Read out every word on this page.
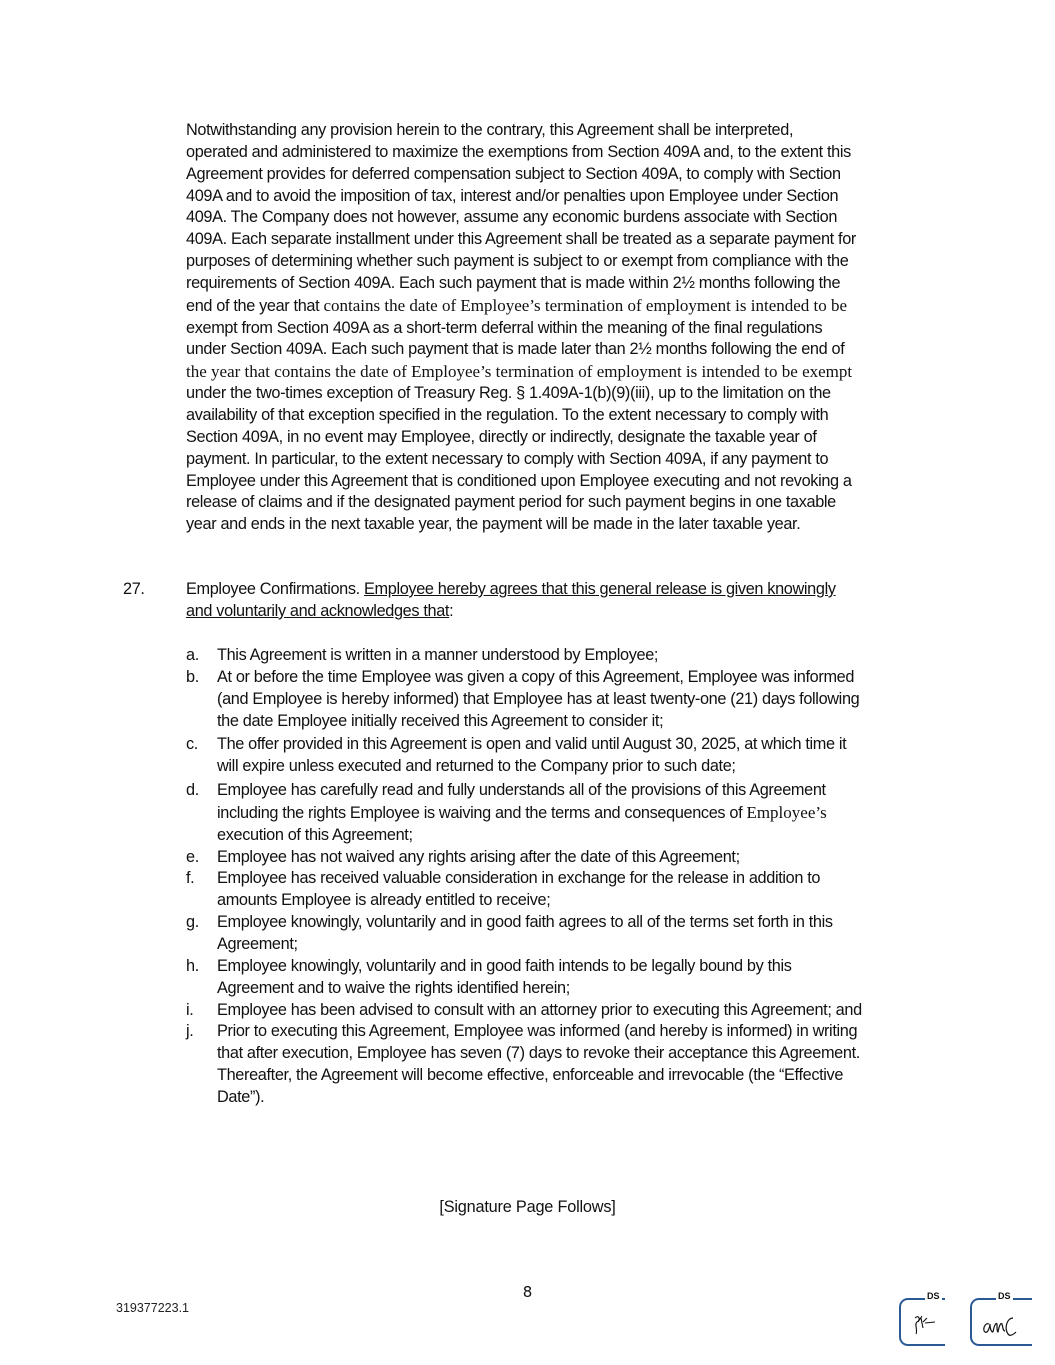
Notwithstanding any provision herein to the contrary, this Agreement shall be interpreted,
operated and administered to maximize the exemptions from Section 409A and, to the extent this
Agreement provides for deferred compensation subject to Section 409A, to comply with Section
409A and to avoid the imposition of tax, interest and/or penalties upon Employee under Section
409A. The Company does not however, assume any economic burdens associate with Section
409A. Each separate installment under this Agreement shall be treated as a separate payment for
purposes of determining whether such payment is subject to or exempt from compliance with the
requirements of Section 409A. Each such payment that is made within 2½ months following the
end of the year that contains the date of Employee’s termination of employment is intended to be
exempt from Section 409A as a short-term deferral within the meaning of the final regulations
under Section 409A. Each such payment that is made later than 2½ months following the end of
the year that contains the date of Employee’s termination of employment is intended to be exempt
under the two-times exception of Treasury Reg. § 1.409A-1(b)(9)(iii), up to the limitation on the
availability of that exception specified in the regulation. To the extent necessary to comply with
Section 409A, in no event may Employee, directly or indirectly, designate the taxable year of
payment. In particular, to the extent necessary to comply with Section 409A, if any payment to
Employee under this Agreement that is conditioned upon Employee executing and not revoking a
release of claims and if the designated payment period for such payment begins in one taxable
year and ends in the next taxable year, the payment will be made in the later taxable year.
27.	Employee Confirmations. Employee hereby agrees that this general release is given knowingly
and voluntarily and acknowledges that:
a. This Agreement is written in a manner understood by Employee;
b. At or before the time Employee was given a copy of this Agreement, Employee was informed
(and Employee is hereby informed) that Employee has at least twenty-one (21) days following
the date Employee initially received this Agreement to consider it;
c. The offer provided in this Agreement is open and valid until August 30, 2025, at which time it
will expire unless executed and returned to the Company prior to such date;
d. Employee has carefully read and fully understands all of the provisions of this Agreement
including the rights Employee is waiving and the terms and consequences of Employee’s
execution of this Agreement;
e. Employee has not waived any rights arising after the date of this Agreement;
f. Employee has received valuable consideration in exchange for the release in addition to
amounts Employee is already entitled to receive;
g. Employee knowingly, voluntarily and in good faith agrees to all of the terms set forth in this
Agreement;
h. Employee knowingly, voluntarily and in good faith intends to be legally bound by this
Agreement and to waive the rights identified herein;
i. Employee has been advised to consult with an attorney prior to executing this Agreement; and
j. Prior to executing this Agreement, Employee was informed (and hereby is informed) in writing
that after execution, Employee has seven (7) days to revoke their acceptance this Agreement.
Thereafter, the Agreement will become effective, enforceable and irrevocable (the “Effective
Date”).
[Signature Page Follows]
8
319377223.1
DS	DS
